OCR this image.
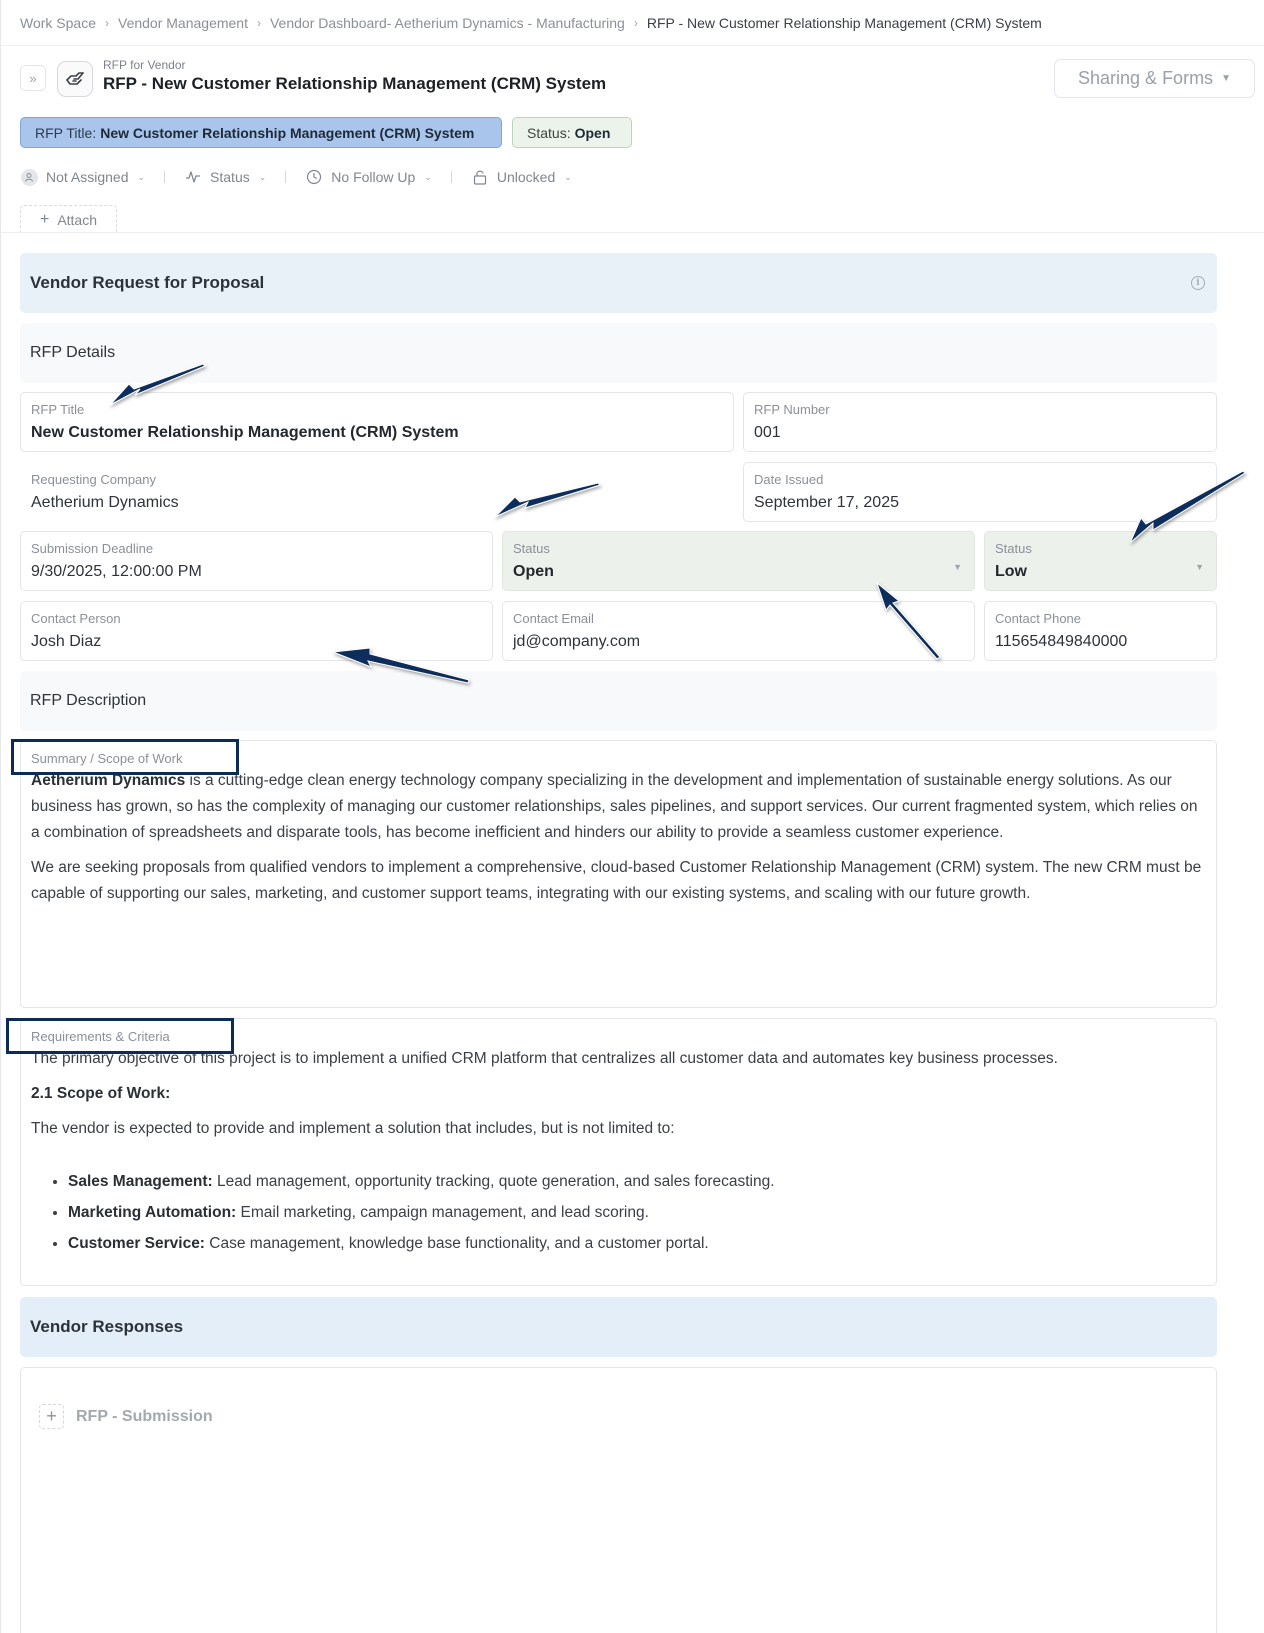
Work Space › Vendor Management › Vendor Dashboard- Aetherium Dynamics - Manufacturing › RFP - New Customer Relationship Management (CRM) System
»
RFP for Vendor
RFP - New Customer Relationship Management (CRM) System	Sharing & Forms ▼
RFP Title: New Customer Relationship Management (CRM) System	Status: Open
Not Assigned ⌄	Status ⌄	No Follow Up ⌄	Unlocked ⌄
+ Attach
Vendor Request for Proposal	i
RFP Details
RFP Title
New Customer Relationship Management (CRM) System
RFP Number
001
Requesting Company
Aetherium Dynamics
Date Issued
September 17, 2025
Submission Deadline
9/30/2025, 12:00:00 PM
Status
Open	▼
Status
Low	▼
Contact Person
Josh Diaz
Contact Email
jd@company.com
Contact Phone
115654849840000
RFP Description
Summary / Scope of Work

Aetherium Dynamics is a cutting-edge clean energy technology company specializing in the development and implementation of sustainable energy solutions. As our business has grown, so has the complexity of managing our customer relationships, sales pipelines, and support services. Our current fragmented system, which relies on a combination of spreadsheets and disparate tools, has become inefficient and hinders our ability to provide a seamless customer experience.

We are seeking proposals from qualified vendors to implement a comprehensive, cloud-based Customer Relationship Management (CRM) system. The new CRM must be capable of supporting our sales, marketing, and customer support teams, integrating with our existing systems, and scaling with our future growth.

Requirements & Criteria

The primary objective of this project is to implement a unified CRM platform that centralizes all customer data and automates key business processes.

2.1 Scope of Work:

The vendor is expected to provide and implement a solution that includes, but is not limited to:

• Sales Management: Lead management, opportunity tracking, quote generation, and sales forecasting.
• Marketing Automation: Email marketing, campaign management, and lead scoring.
• Customer Service: Case management, knowledge base functionality, and a customer portal.
Vendor Responses
+	RFP - Submission
